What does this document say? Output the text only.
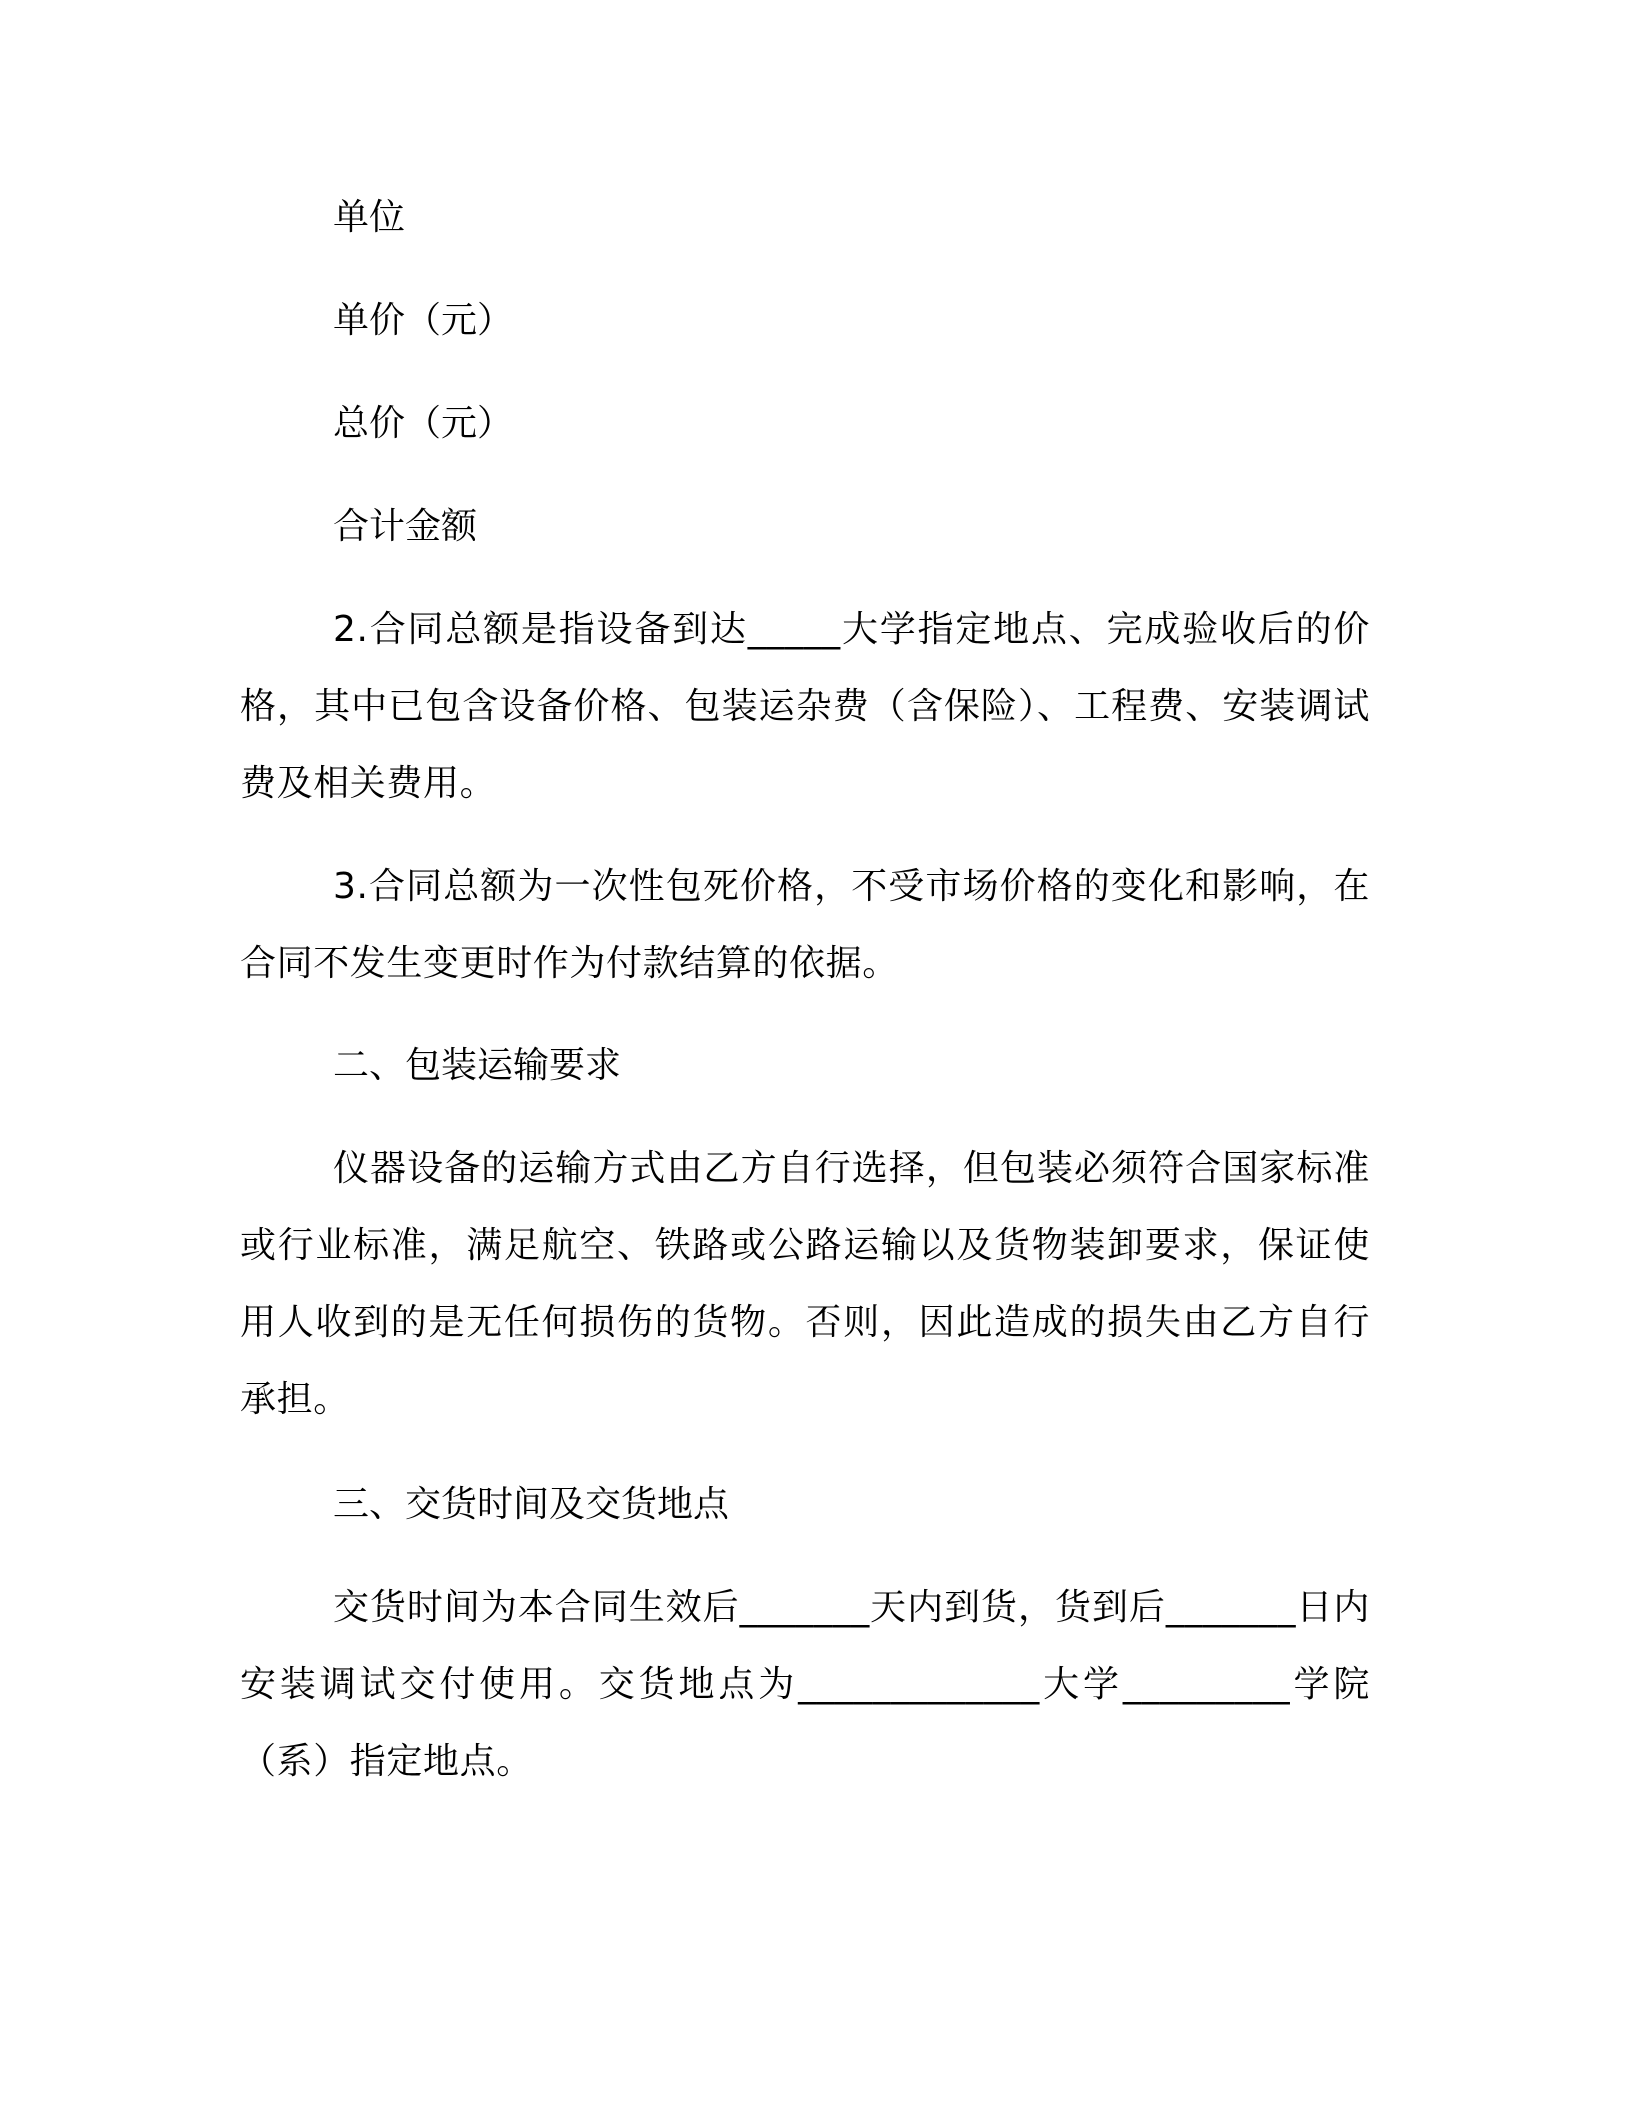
单位

单价（元）

总价（元）

合计金额

2.合同总额是指设备到达_____大学指定地点、完成验收后的价格，其中已包含设备价格、包装运杂费（含保险）、工程费、安装调试费及相关费用。

3.合同总额为一次性包死价格，不受市场价格的变化和影响，在合同不发生变更时作为付款结算的依据。

二、包装运输要求

仪器设备的运输方式由乙方自行选择，但包装必须符合国家标准或行业标准，满足航空、铁路或公路运输以及货物装卸要求，保证使用人收到的是无任何损伤的货物。否则，因此造成的损失由乙方自行承担。

三、交货时间及交货地点

交货时间为本合同生效后_______天内到货，货到后_______日内安装调试交付使用。交货地点为_____________大学_________学院（系）指定地点。
